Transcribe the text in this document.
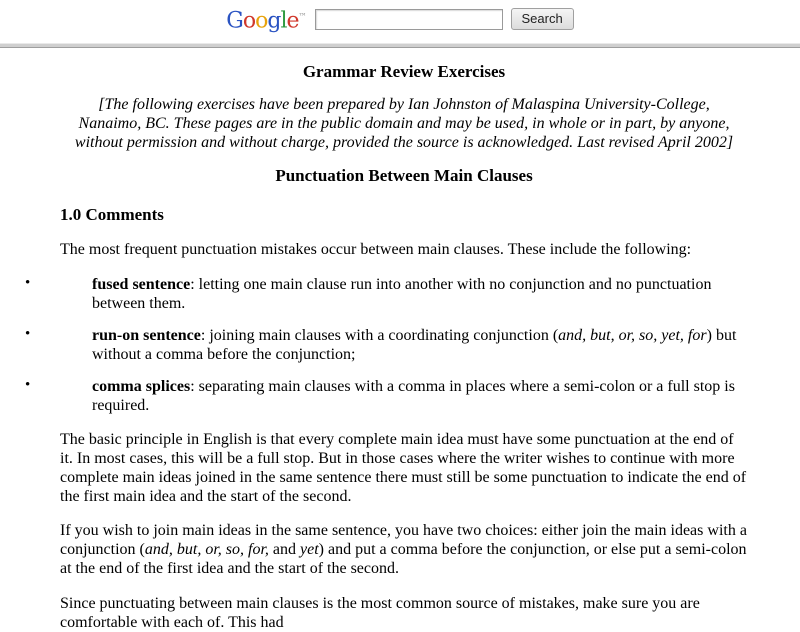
Google™	Search
Grammar Review Exercises
[The following exercises have been prepared by Ian Johnston of Malaspina University-College, Nanaimo, BC. These pages are in the public domain and may be used, in whole or in part, by anyone, without permission and without charge, provided the source is acknowledged. Last revised April 2002]
Punctuation Between Main Clauses
1.0 Comments

The most frequent punctuation mistakes occur between main clauses. These include the following:

• fused sentence: letting one main clause run into another with no conjunction and no punctuation between them.
• run-on sentence: joining main clauses with a coordinating conjunction (and, but, or, so, yet, for) but without a comma before the conjunction;
• comma splices: separating main clauses with a comma in places where a semi-colon or a full stop is required.

The basic principle in English is that every complete main idea must have some punctuation at the end of it. In most cases, this will be a full stop. But in those cases where the writer wishes to continue with more complete main ideas joined in the same sentence there must still be some punctuation to indicate the end of the first main idea and the start of the second.

If you wish to join main ideas in the same sentence, you have two choices: either join the main ideas with a conjunction (and, but, or, so, for, and yet) and put a comma before the conjunction, or else put a semi-colon at the end of the first idea and the start of the second.

Since punctuating between main clauses is the most common source of mistakes, make sure you are comfortable with each of. This had
